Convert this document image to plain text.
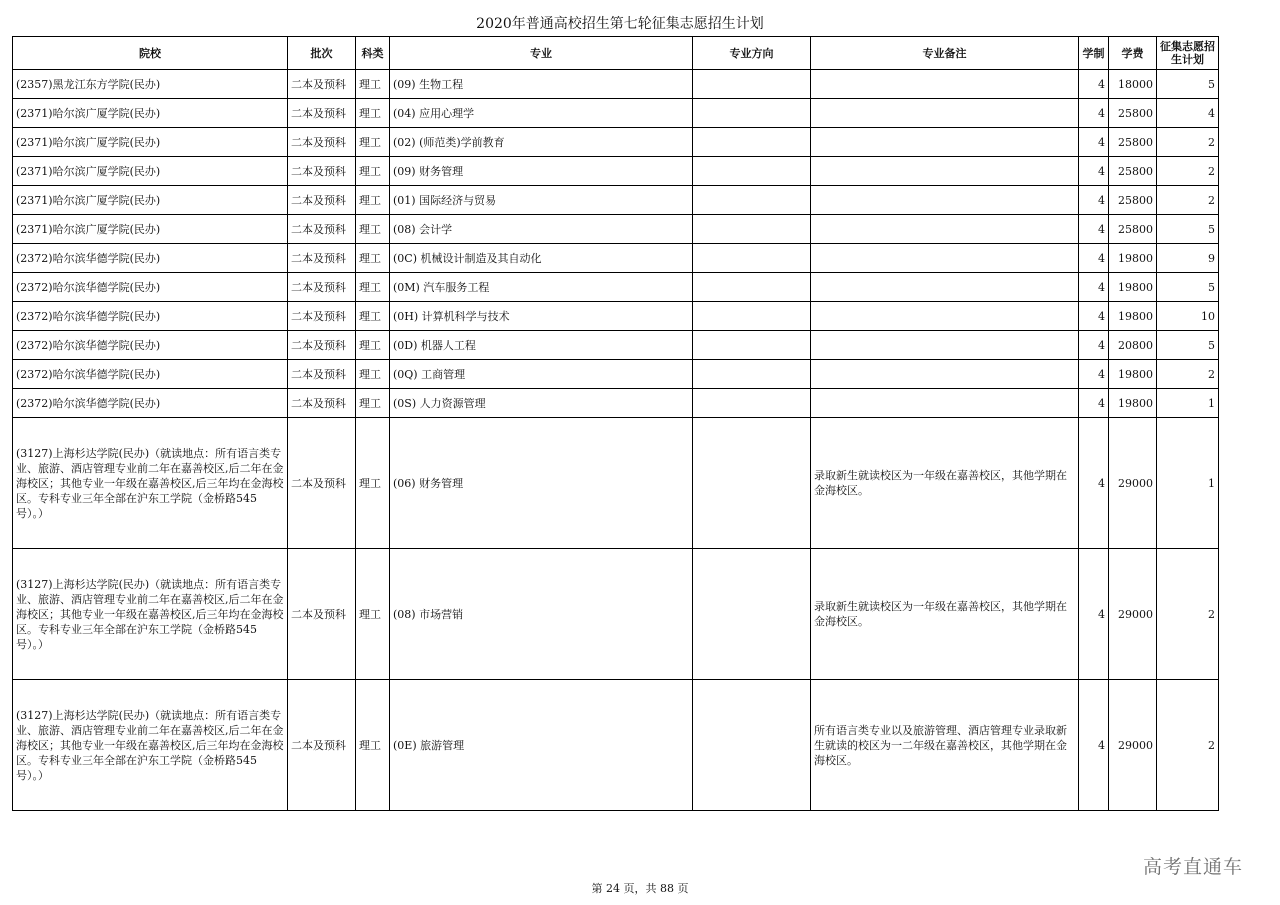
2020年普通高校招生第七轮征集志愿招生计划
院校	批次	科类	专业	专业方向	专业备注	学制	学费	征集志愿招生计划
(2357)黑龙江东方学院(民办)	二本及预科	理工	(09) 生物工程			4	18000	5
(2371)哈尔滨广厦学院(民办)	二本及预科	理工	(04) 应用心理学			4	25800	4
(2371)哈尔滨广厦学院(民办)	二本及预科	理工	(02) (师范类)学前教育			4	25800	2
(2371)哈尔滨广厦学院(民办)	二本及预科	理工	(09) 财务管理			4	25800	2
(2371)哈尔滨广厦学院(民办)	二本及预科	理工	(01) 国际经济与贸易			4	25800	2
(2371)哈尔滨广厦学院(民办)	二本及预科	理工	(08) 会计学			4	25800	5
(2372)哈尔滨华德学院(民办)	二本及预科	理工	(0C) 机械设计制造及其自动化			4	19800	9
(2372)哈尔滨华德学院(民办)	二本及预科	理工	(0M) 汽车服务工程			4	19800	5
(2372)哈尔滨华德学院(民办)	二本及预科	理工	(0H) 计算机科学与技术			4	19800	10
(2372)哈尔滨华德学院(民办)	二本及预科	理工	(0D) 机器人工程			4	20800	5
(2372)哈尔滨华德学院(民办)	二本及预科	理工	(0Q) 工商管理			4	19800	2
(2372)哈尔滨华德学院(民办)	二本及预科	理工	(0S) 人力资源管理			4	19800	1
(3127)上海杉达学院(民办)（就读地点：所有语言类专业、旅游、酒店管理专业前二年在嘉善校区,后二年在金海校区；其他专业一年级在嘉善校区,后三年均在金海校区。专科专业三年全部在沪东工学院（金桥路545号）。）	二本及预科	理工	(06) 财务管理		录取新生就读校区为一年级在嘉善校区，其他学期在金海校区。	4	29000	1
(3127)上海杉达学院(民办)（就读地点：所有语言类专业、旅游、酒店管理专业前二年在嘉善校区,后二年在金海校区；其他专业一年级在嘉善校区,后三年均在金海校区。专科专业三年全部在沪东工学院（金桥路545号）。）	二本及预科	理工	(08) 市场营销		录取新生就读校区为一年级在嘉善校区，其他学期在金海校区。	4	29000	2
(3127)上海杉达学院(民办)（就读地点：所有语言类专业、旅游、酒店管理专业前二年在嘉善校区,后二年在金海校区；其他专业一年级在嘉善校区,后三年均在金海校区。专科专业三年全部在沪东工学院（金桥路545号）。）	二本及预科	理工	(0E) 旅游管理		所有语言类专业以及旅游管理、酒店管理专业录取新生就读的校区为一二年级在嘉善校区，其他学期在金海校区。	4	29000	2
高考直通车
第 24 页，共 88 页
